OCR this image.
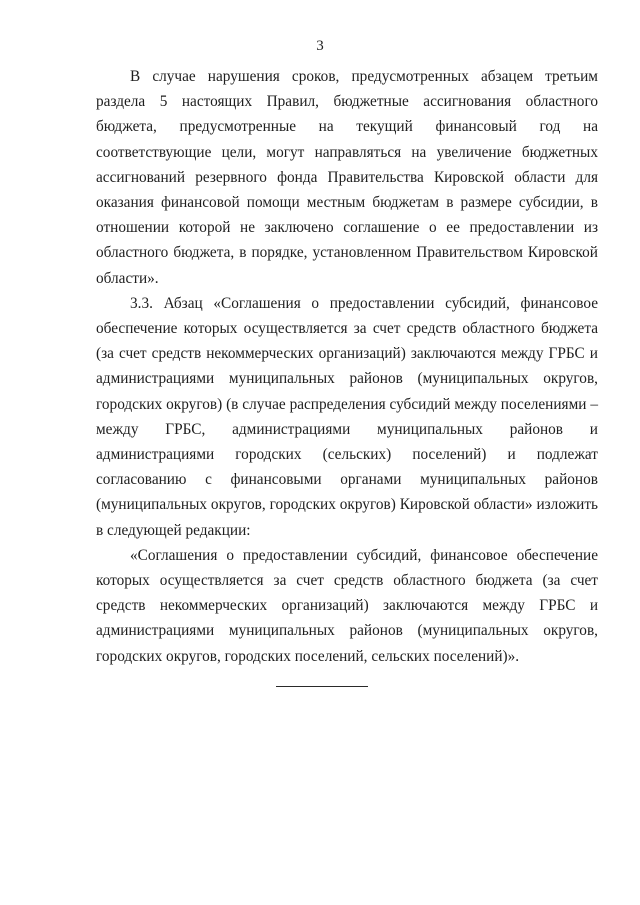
3

В случае нарушения сроков, предусмотренных абзацем третьим раздела 5 настоящих Правил, бюджетные ассигнования областного бюджета, предусмотренные на текущий финансовый год на соответствующие цели, могут направляться на увеличение бюджетных ассигнований резервного фонда Правительства Кировской области для оказания финансовой помощи местным бюджетам в размере субсидии, в отношении которой не заключено соглашение о ее предоставлении из областного бюджета, в порядке, установленном Правительством Кировской области».

3.3. Абзац «Соглашения о предоставлении субсидий, финансовое обеспечение которых осуществляется за счет средств областного бюджета (за счет средств некоммерческих организаций) заключаются между ГРБС и администрациями муниципальных районов (муниципальных округов, городских округов) (в случае распределения субсидий между поселениями – между ГРБС, администрациями муниципальных районов и администрациями городских (сельских) поселений) и подлежат согласованию с финансовыми органами муниципальных районов (муниципальных округов, городских округов) Кировской области» изложить в следующей редакции:

«Соглашения о предоставлении субсидий, финансовое обеспечение которых осуществляется за счет средств областного бюджета (за счет средств некоммерческих организаций) заключаются между ГРБС и администрациями муниципальных районов (муниципальных округов, городских округов, городских поселений, сельских поселений)».
